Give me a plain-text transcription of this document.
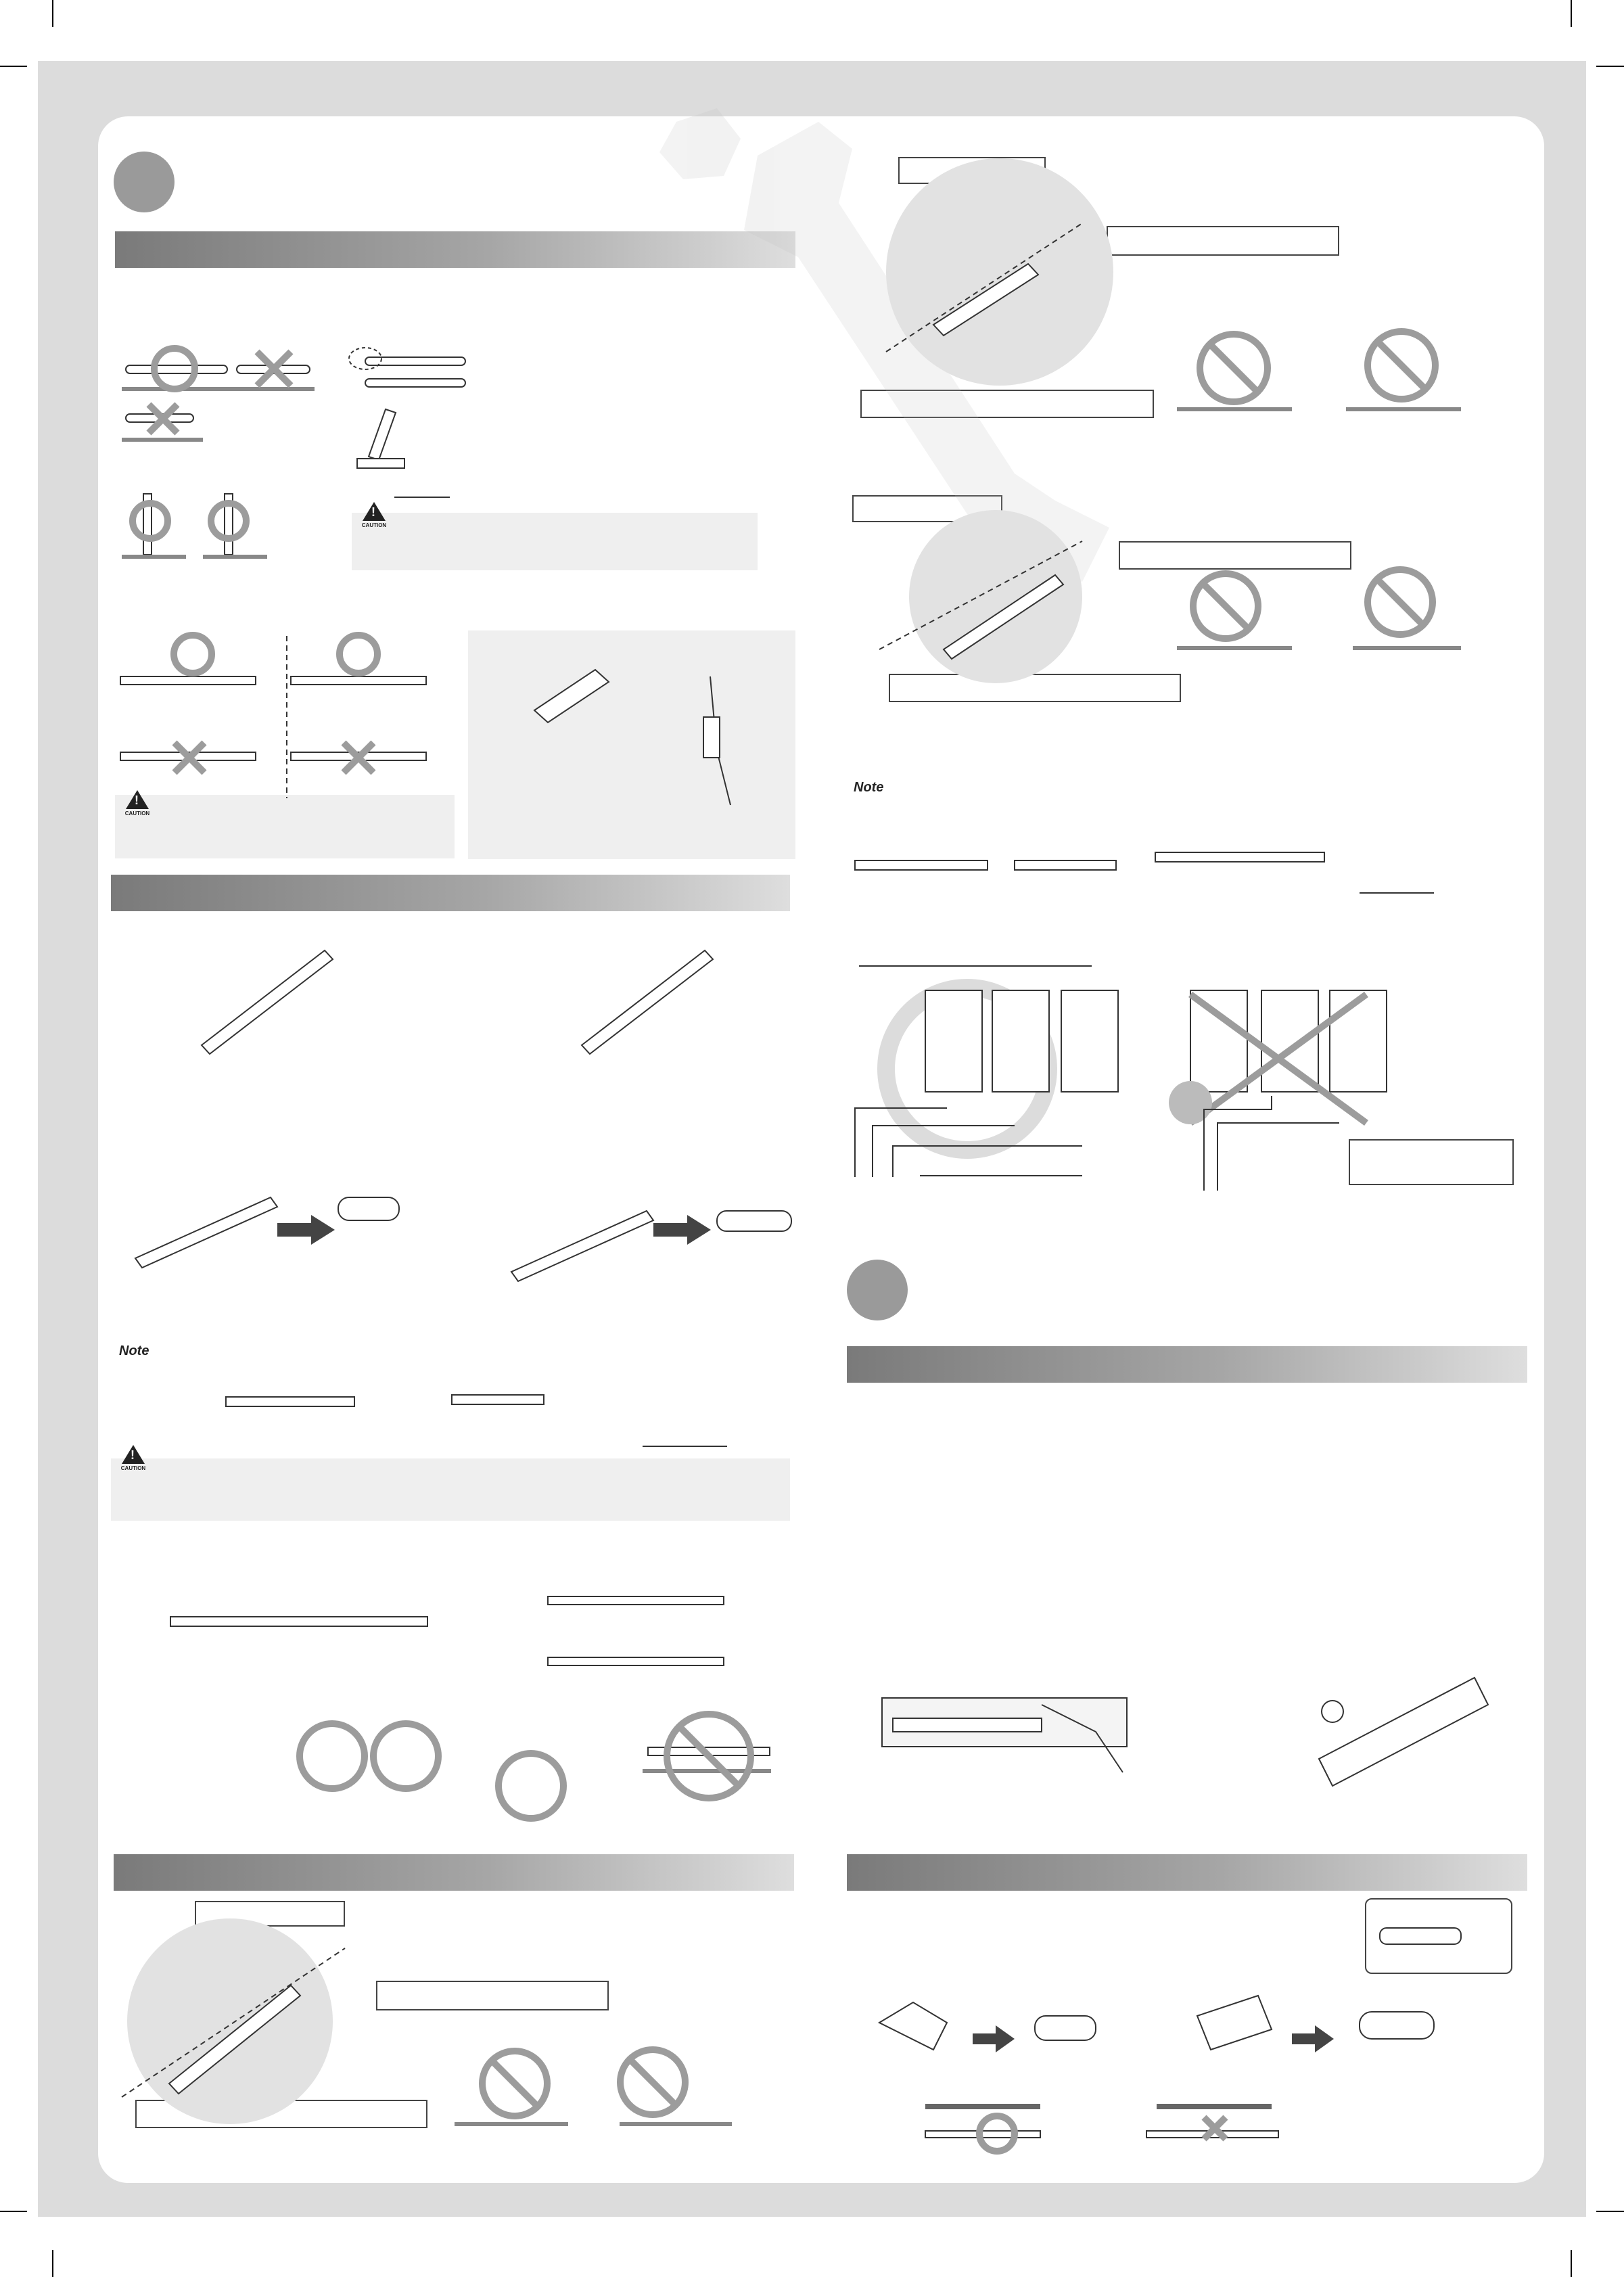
!
CAUTION
!
CAUTION
!
CAUTION
Note
Note
